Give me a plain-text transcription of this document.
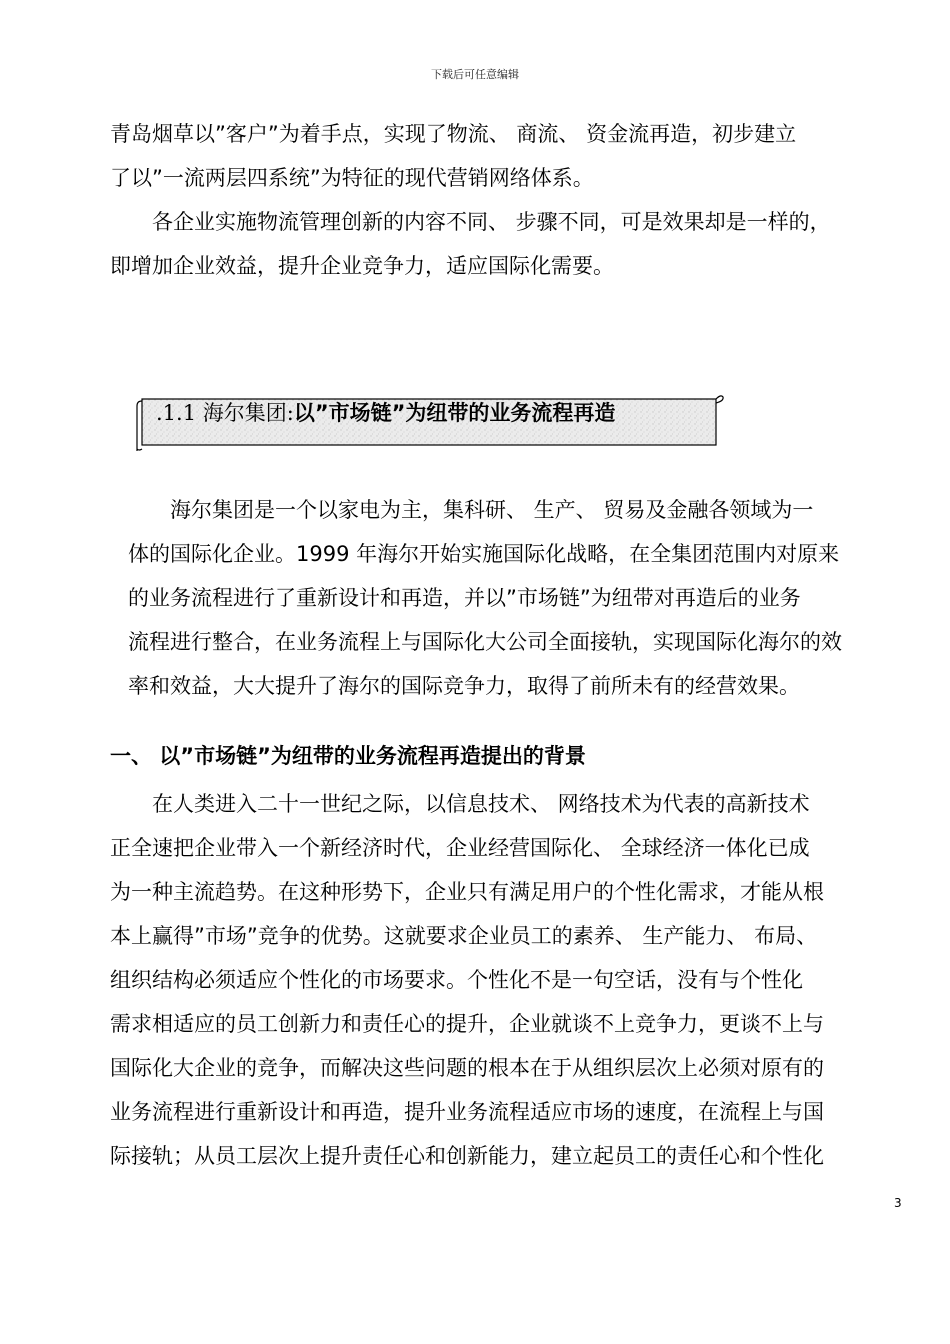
下载后可任意编辑
青岛烟草以”客户”为着手点，实现了物流、 商流、 资金流再造，初步建立
了以”一流两层四系统”为特征的现代营销网络体系。
　　各企业实施物流管理创新的内容不同、 步骤不同，可是效果却是一样的，
即增加企业效益，提升企业竞争力，适应国际化需要。
.1.1 海尔集团:以”市场链”为纽带的业务流程再造
　　海尔集团是一个以家电为主，集科研、 生产、 贸易及金融各领域为一
体的国际化企业。1999 年海尔开始实施国际化战略，在全集团范围内对原来
的业务流程进行了重新设计和再造，并以”市场链”为纽带对再造后的业务
流程进行整合，在业务流程上与国际化大公司全面接轨，实现国际化海尔的效
率和效益，大大提升了海尔的国际竞争力，取得了前所未有的经营效果。
一、 以”市场链”为纽带的业务流程再造提出的背景
　　在人类进入二十一世纪之际，以信息技术、 网络技术为代表的高新技术
正全速把企业带入一个新经济时代，企业经营国际化、 全球经济一体化已成
为一种主流趋势。在这种形势下，企业只有满足用户的个性化需求，才能从根
本上赢得”市场”竞争的优势。这就要求企业员工的素养、 生产能力、 布局、
组织结构必须适应个性化的市场要求。个性化不是一句空话，没有与个性化
需求相适应的员工创新力和责任心的提升，企业就谈不上竞争力，更谈不上与
国际化大企业的竞争，而解决这些问题的根本在于从组织层次上必须对原有的
业务流程进行重新设计和再造，提升业务流程适应市场的速度，在流程上与国
际接轨；从员工层次上提升责任心和创新能力，建立起员工的责任心和个性化
3
